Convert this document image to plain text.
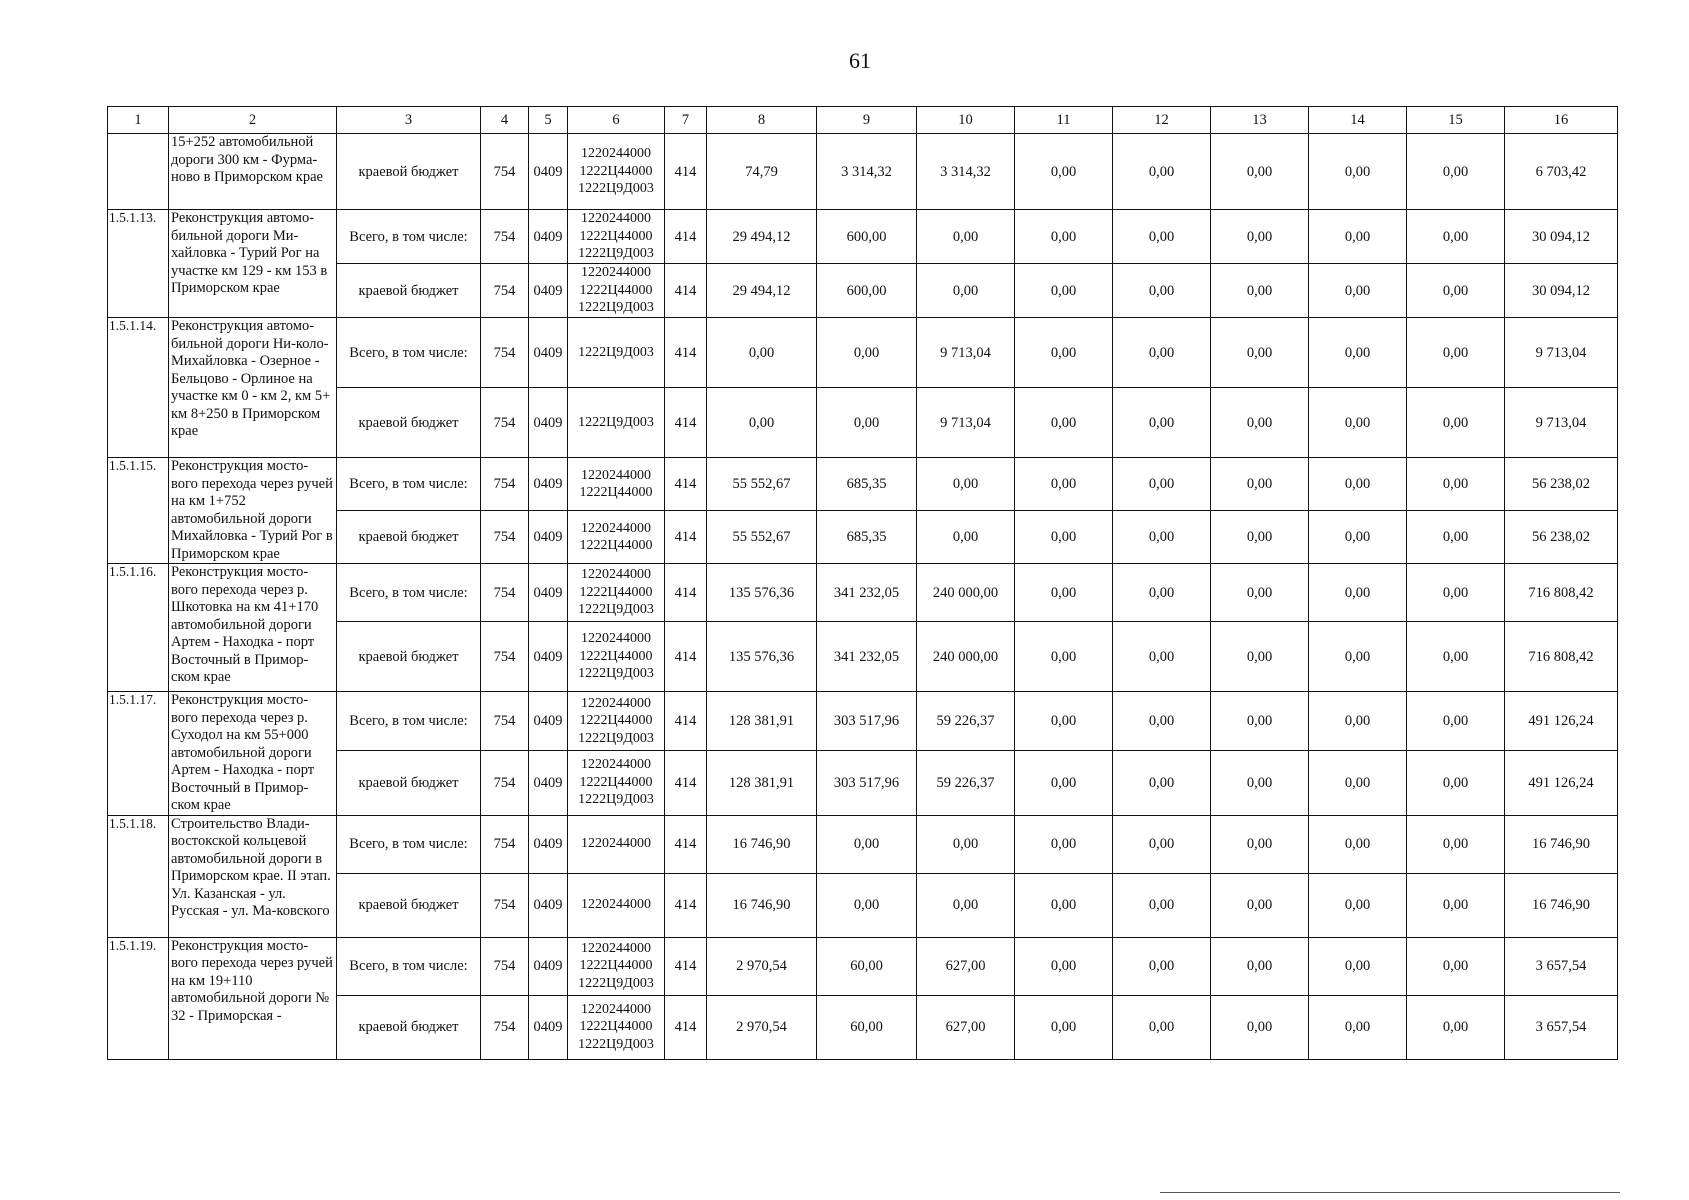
61
1	2	3	4	5	6	7	8	9	10	11	12	13	14	15	16
	15+252 автомобильной дороги 300 км - Фурма-ново в Приморском крае	краевой бюджет	754	0409	1220244000
1222Ц44000
1222Ц9Д003	414	74,79	3 314,32	3 314,32	0,00	0,00	0,00	0,00	0,00	6 703,42
1.5.1.13.	Реконструкция автомо-бильной дороги Ми-хайловка - Турий Рог на участке км 129 - км 153 в Приморском крае	Всего, в том числе:	754	0409	1220244000
1222Ц44000
1222Ц9Д003	414	29 494,12	600,00	0,00	0,00	0,00	0,00	0,00	0,00	30 094,12
		краевой бюджет	754	0409	1220244000
1222Ц44000
1222Ц9Д003	414	29 494,12	600,00	0,00	0,00	0,00	0,00	0,00	0,00	30 094,12
1.5.1.14.	Реконструкция автомо-бильной дороги Ни-коло-Михайловка - Озерное - Бельцово - Орлиное на участке км 0 - км 2, км 5+ км 8+250 в Приморском крае	Всего, в том числе:	754	0409	1222Ц9Д003	414	0,00	0,00	9 713,04	0,00	0,00	0,00	0,00	0,00	9 713,04
		краевой бюджет	754	0409	1222Ц9Д003	414	0,00	0,00	9 713,04	0,00	0,00	0,00	0,00	0,00	9 713,04
1.5.1.15.	Реконструкция мосто-вого перехода через ручей на км 1+752 автомобильной дороги Михайловка - Турий Рог в Приморском крае	Всего, в том числе:	754	0409	1220244000
1222Ц44000	414	55 552,67	685,35	0,00	0,00	0,00	0,00	0,00	0,00	56 238,02
		краевой бюджет	754	0409	1220244000
1222Ц44000	414	55 552,67	685,35	0,00	0,00	0,00	0,00	0,00	0,00	56 238,02
1.5.1.16.	Реконструкция мосто-вого перехода через р. Шкотовка на км 41+170 автомобильной дороги Артем - Находка - порт Восточный в Примор-ском крае	Всего, в том числе:	754	0409	1220244000
1222Ц44000
1222Ц9Д003	414	135 576,36	341 232,05	240 000,00	0,00	0,00	0,00	0,00	0,00	716 808,42
		краевой бюджет	754	0409	1220244000
1222Ц44000
1222Ц9Д003	414	135 576,36	341 232,05	240 000,00	0,00	0,00	0,00	0,00	0,00	716 808,42
1.5.1.17.	Реконструкция мосто-вого перехода через р. Суходол на км 55+000 автомобильной дороги Артем - Находка - порт Восточный в Примор-ском крае	Всего, в том числе:	754	0409	1220244000
1222Ц44000
1222Ц9Д003	414	128 381,91	303 517,96	59 226,37	0,00	0,00	0,00	0,00	0,00	491 126,24
		краевой бюджет	754	0409	1220244000
1222Ц44000
1222Ц9Д003	414	128 381,91	303 517,96	59 226,37	0,00	0,00	0,00	0,00	0,00	491 126,24
1.5.1.18.	Строительство Влади-востокской кольцевой автомобильной дороги в Приморском крае. II этап. Ул. Казанская - ул. Русская - ул. Ма-ковского	Всего, в том числе:	754	0409	1220244000	414	16 746,90	0,00	0,00	0,00	0,00	0,00	0,00	0,00	16 746,90
		краевой бюджет	754	0409	1220244000	414	16 746,90	0,00	0,00	0,00	0,00	0,00	0,00	0,00	16 746,90
1.5.1.19.	Реконструкция мосто-вого перехода через ручей на км 19+110 автомобильной дороги № 32 - Приморская -	Всего, в том числе:	754	0409	1220244000
1222Ц44000
1222Ц9Д003	414	2 970,54	60,00	627,00	0,00	0,00	0,00	0,00	0,00	3 657,54
		краевой бюджет	754	0409	1220244000
1222Ц44000
1222Ц9Д003	414	2 970,54	60,00	627,00	0,00	0,00	0,00	0,00	0,00	3 657,54
